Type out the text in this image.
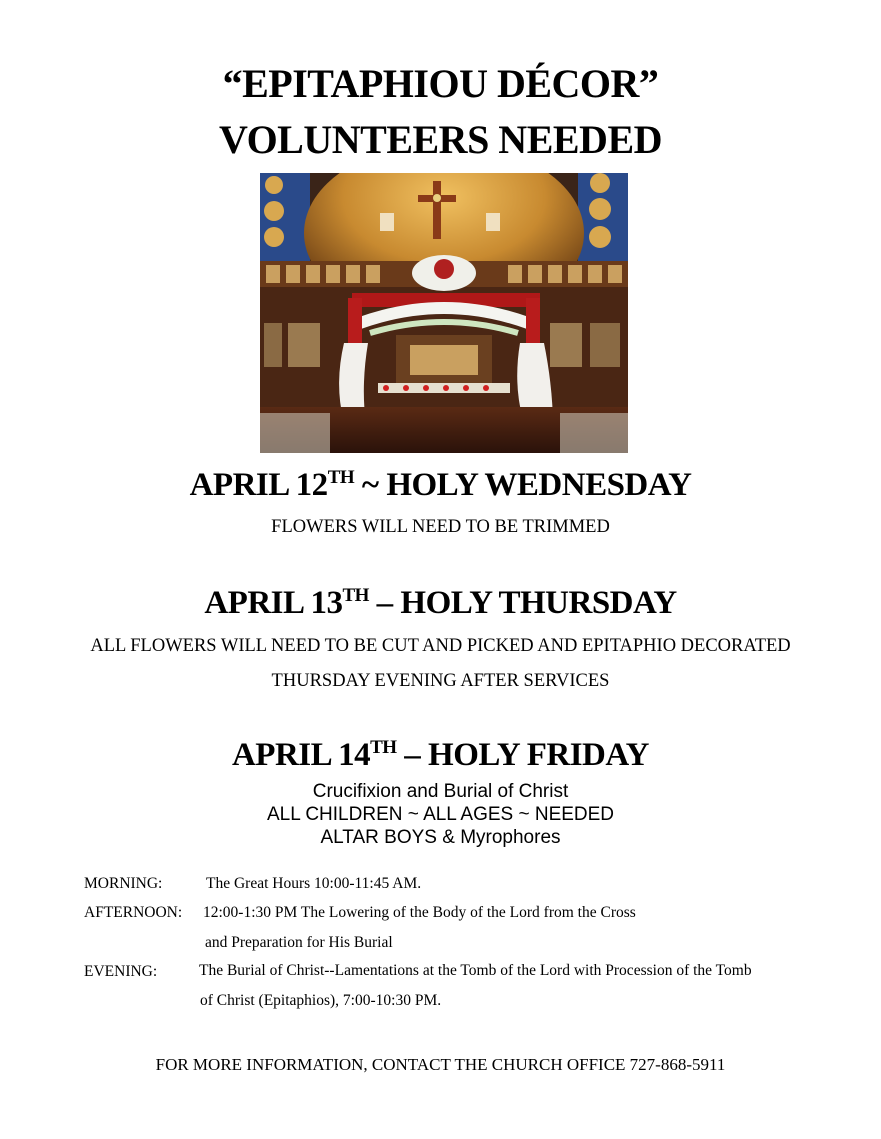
“EPITAPHIOU DÉCOR”
VOLUNTEERS NEEDED
APRIL 12TH ~ HOLY WEDNESDAY
FLOWERS WILL NEED TO BE TRIMMED
APRIL 13TH – HOLY THURSDAY
ALL FLOWERS WILL NEED TO BE CUT AND PICKED AND EPITAPHIO DECORATED
THURSDAY EVENING AFTER SERVICES
APRIL 14TH – HOLY FRIDAY
Crucifixion and Burial of Christ
ALL CHILDREN ~ ALL AGES ~ NEEDED
ALTAR BOYS & Myrophores
MORNING:	The Great Hours 10:00-11:45 AM.
AFTERNOON: 12:00-1:30 PM The Lowering of the Body of the Lord from the Cross
and Preparation for His Burial
EVENING:	The Burial of Christ--Lamentations at the Tomb of the Lord with Procession of the Tomb
of Christ (Epitaphios), 7:00-10:30 PM.
FOR MORE INFORMATION, CONTACT THE CHURCH OFFICE 727-868-5911
